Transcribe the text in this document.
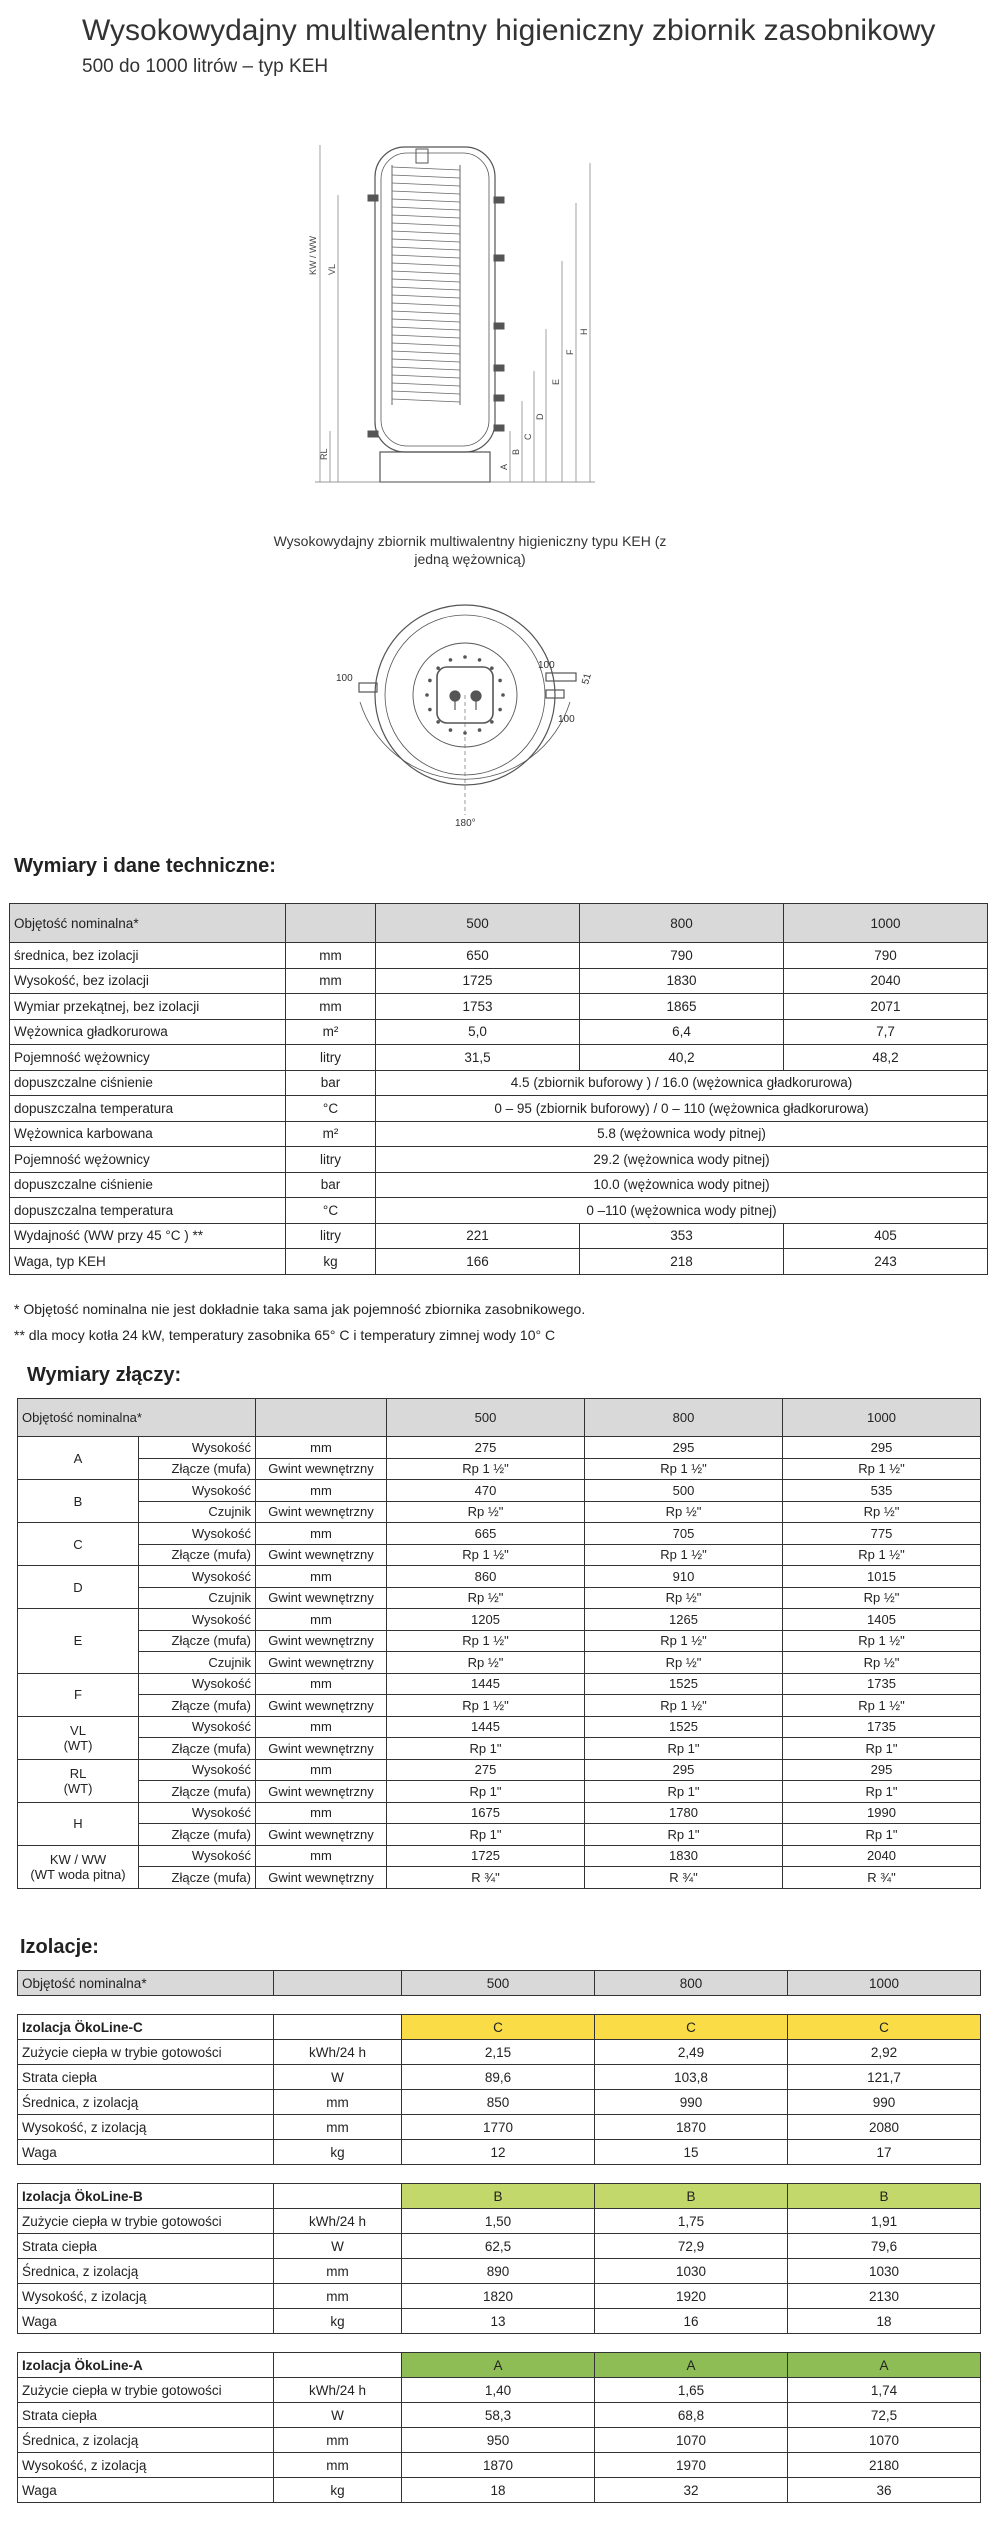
Wysokowydajny multiwalentny higieniczny zbiornik zasobnikowy
500 do 1000 litrów – typ KEH
KW / WW VL
RL
A
B
C
D
E
F
H
Wysokowydajny zbiornik multiwalentny higieniczny typu KEH (z jedną wężownicą)
100
100
100
51
180°
Wymiary i dane techniczne:
Objętość nominalna*		500	800	1000
średnica, bez izolacji	mm	650	790	790
Wysokość, bez izolacji	mm	1725	1830	2040
Wymiar przekątnej, bez izolacji	mm	1753	1865	2071
Wężownica gładkorurowa	m²	5,0	6,4	7,7
Pojemność wężownicy	litry	31,5	40,2	48,2
dopuszczalne ciśnienie	bar	4.5 (zbiornik buforowy ) / 16.0 (wężownica gładkorurowa)		
dopuszczalna temperatura	°C	0 – 95 (zbiornik buforowy) / 0 – 110 (wężownica gładkorurowa)		
Wężownica karbowana	m²	5.8 (wężownica wody pitnej)		
Pojemność wężownicy	litry	29.2 (wężownica wody pitnej)		
dopuszczalne ciśnienie	bar	10.0 (wężownica wody pitnej)		
dopuszczalna temperatura	°C	0 –110 (wężownica wody pitnej)		
Wydajność (WW przy 45 °C ) **	litry	221	353	405
Waga, typ KEH	kg	166	218	243
* Objętość nominalna nie jest dokładnie taka sama jak pojemność zbiornika zasobnikowego.
** dla mocy kotła 24 kW, temperatury zasobnika 65° C i temperatury zimnej wody 10° C
Wymiary złączy:
Objętość nominalna*			500	800	1000

A	Wysokość	mm	275	295	295
	Złącze (mufa)	Gwint wewnętrzny	Rp 1 ½"	Rp 1 ½"	Rp 1 ½"

B	Wysokość	mm	470	500	535
	Czujnik	Gwint wewnętrzny	Rp ½"	Rp ½"	Rp ½"

C	Wysokość	mm	665	705	775
	Złącze (mufa)	Gwint wewnętrzny	Rp 1 ½"	Rp 1 ½"	Rp 1 ½"

D	Wysokość	mm	860	910	1015
	Czujnik	Gwint wewnętrzny	Rp ½"	Rp ½"	Rp ½"

E	Wysokość	mm	1205	1265	1405
	Złącze (mufa)	Gwint wewnętrzny	Rp 1 ½"	Rp 1 ½"	Rp 1 ½"
	Czujnik	Gwint wewnętrzny	Rp ½"	Rp ½"	Rp ½"

F	Wysokość	mm	1445	1525	1735
	Złącze (mufa)	Gwint wewnętrzny	Rp 1 ½"	Rp 1 ½"	Rp 1 ½"

VL
(WT)	Wysokość	mm	1445	1525	1735
	Złącze (mufa)	Gwint wewnętrzny	Rp 1"	Rp 1"	Rp 1"

RL
(WT)	Wysokość	mm	275	295	295
	Złącze (mufa)	Gwint wewnętrzny	Rp 1"	Rp 1"	Rp 1"

H	Wysokość	mm	1675	1780	1990
	Złącze (mufa)	Gwint wewnętrzny	Rp 1"	Rp 1"	Rp 1"

KW / WW
(WT woda pitna)	Wysokość	mm	1725	1830	2040
	Złącze (mufa)	Gwint wewnętrzny	R ¾"	R ¾"	R ¾"
Izolacje:
Objętość nominalna*		500	800	1000

Izolacja ÖkoLine-C		C	C	C
Zużycie ciepła w trybie gotowości	kWh/24 h	2,15	2,49	2,92
Strata ciepła	W	89,6	103,8	121,7
Średnica, z izolacją	mm	850	990	990
Wysokość, z izolacją	mm	1770	1870	2080
Waga	kg	12	15	17

Izolacja ÖkoLine-B		B	B	B
Zużycie ciepła w trybie gotowości	kWh/24 h	1,50	1,75	1,91
Strata ciepła	W	62,5	72,9	79,6
Średnica, z izolacją	mm	890	1030	1030
Wysokość, z izolacją	mm	1820	1920	2130
Waga	kg	13	16	18

Izolacja ÖkoLine-A		A	A	A
Zużycie ciepła w trybie gotowości	kWh/24 h	1,40	1,65	1,74
Strata ciepła	W	58,3	68,8	72,5
Średnica, z izolacją	mm	950	1070	1070
Wysokość, z izolacją	mm	1870	1970	2180
Waga	kg	18	32	36
